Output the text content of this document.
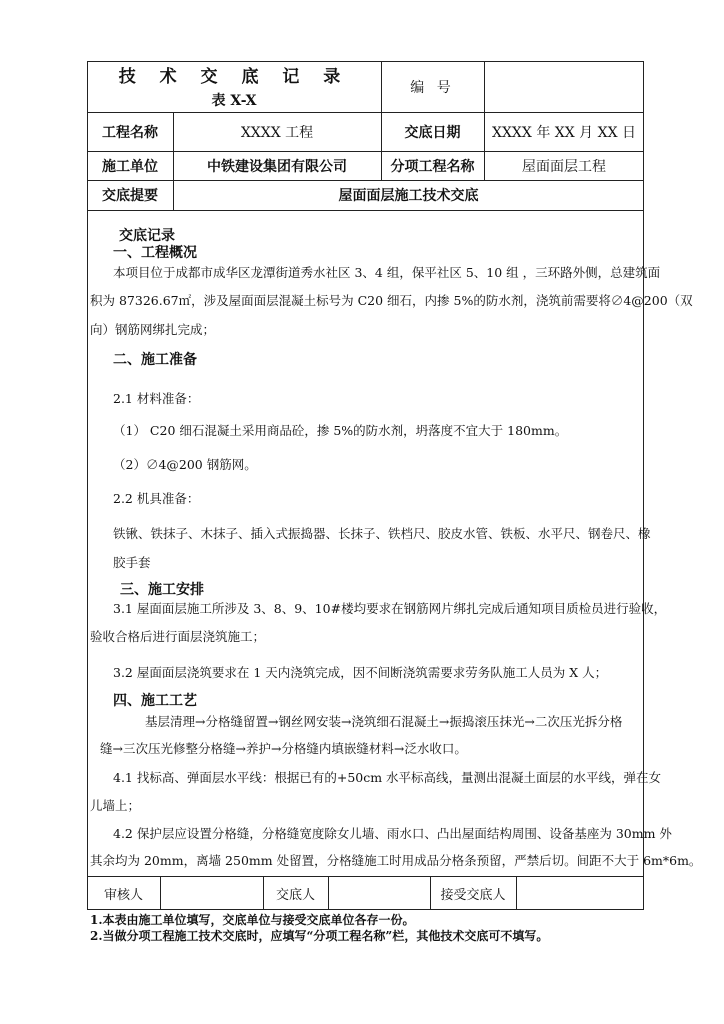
技 术 交 底 记 录
表 X-X
编 号
工程名称	XXXX 工程	交底日期	XXXX 年 XX 月 XX 日
施工单位	中铁建设集团有限公司	分项工程名称	屋面面层工程
交底提要	屋面面层施工技术交底
交底记录
一、工程概况
本项目位于成都市成华区龙潭街道秀水社区 3、4 组，保平社区 5、10 组 ，三环路外侧，总建筑面
积为 87326.67㎡，涉及屋面面层混凝土标号为 C20 细石，内掺 5%的防水剂，浇筑前需要将∅4@200（双
向）钢筋网绑扎完成；
二、施工准备
2.1 材料准备：
（1） C20 细石混凝土采用商品砼，掺 5%的防水剂，坍落度不宜大于 180mm。
（2）∅4@200 钢筋网。
2.2 机具准备：
铁锹、铁抹子、木抹子、插入式振捣器、长抹子、铁档尺、胶皮水管、铁板、水平尺、钢卷尺、橡
胶手套
三、施工安排
3.1 屋面面层施工所涉及 3、8、9、10#楼均要求在钢筋网片绑扎完成后通知项目质检员进行验收，
验收合格后进行面层浇筑施工；
3.2 屋面面层浇筑要求在 1 天内浇筑完成，因不间断浇筑需要求劳务队施工人员为 X 人；
四、施工工艺
基层清理→分格缝留置→钢丝网安装→浇筑细石混凝土→振捣滚压抹光→二次压光拆分格
缝→三次压光修整分格缝→养护→分格缝内填嵌缝材料→泛水收口。
4.1 找标高、弹面层水平线：根据已有的+50cm 水平标高线，量测出混凝土面层的水平线，弹在女
儿墙上；
4.2 保护层应设置分格缝，分格缝宽度除女儿墙、雨水口、凸出屋面结构周围、设备基座为 30mm 外
其余均为 20mm，离墙 250mm 处留置，分格缝施工时用成品分格条预留，严禁后切。间距不大于 6m*6m。
审核人	交底人	接受交底人
1.本表由施工单位填写，交底单位与接受交底单位各存一份。
2.当做分项工程施工技术交底时，应填写“分项工程名称”栏，其他技术交底可不填写。
